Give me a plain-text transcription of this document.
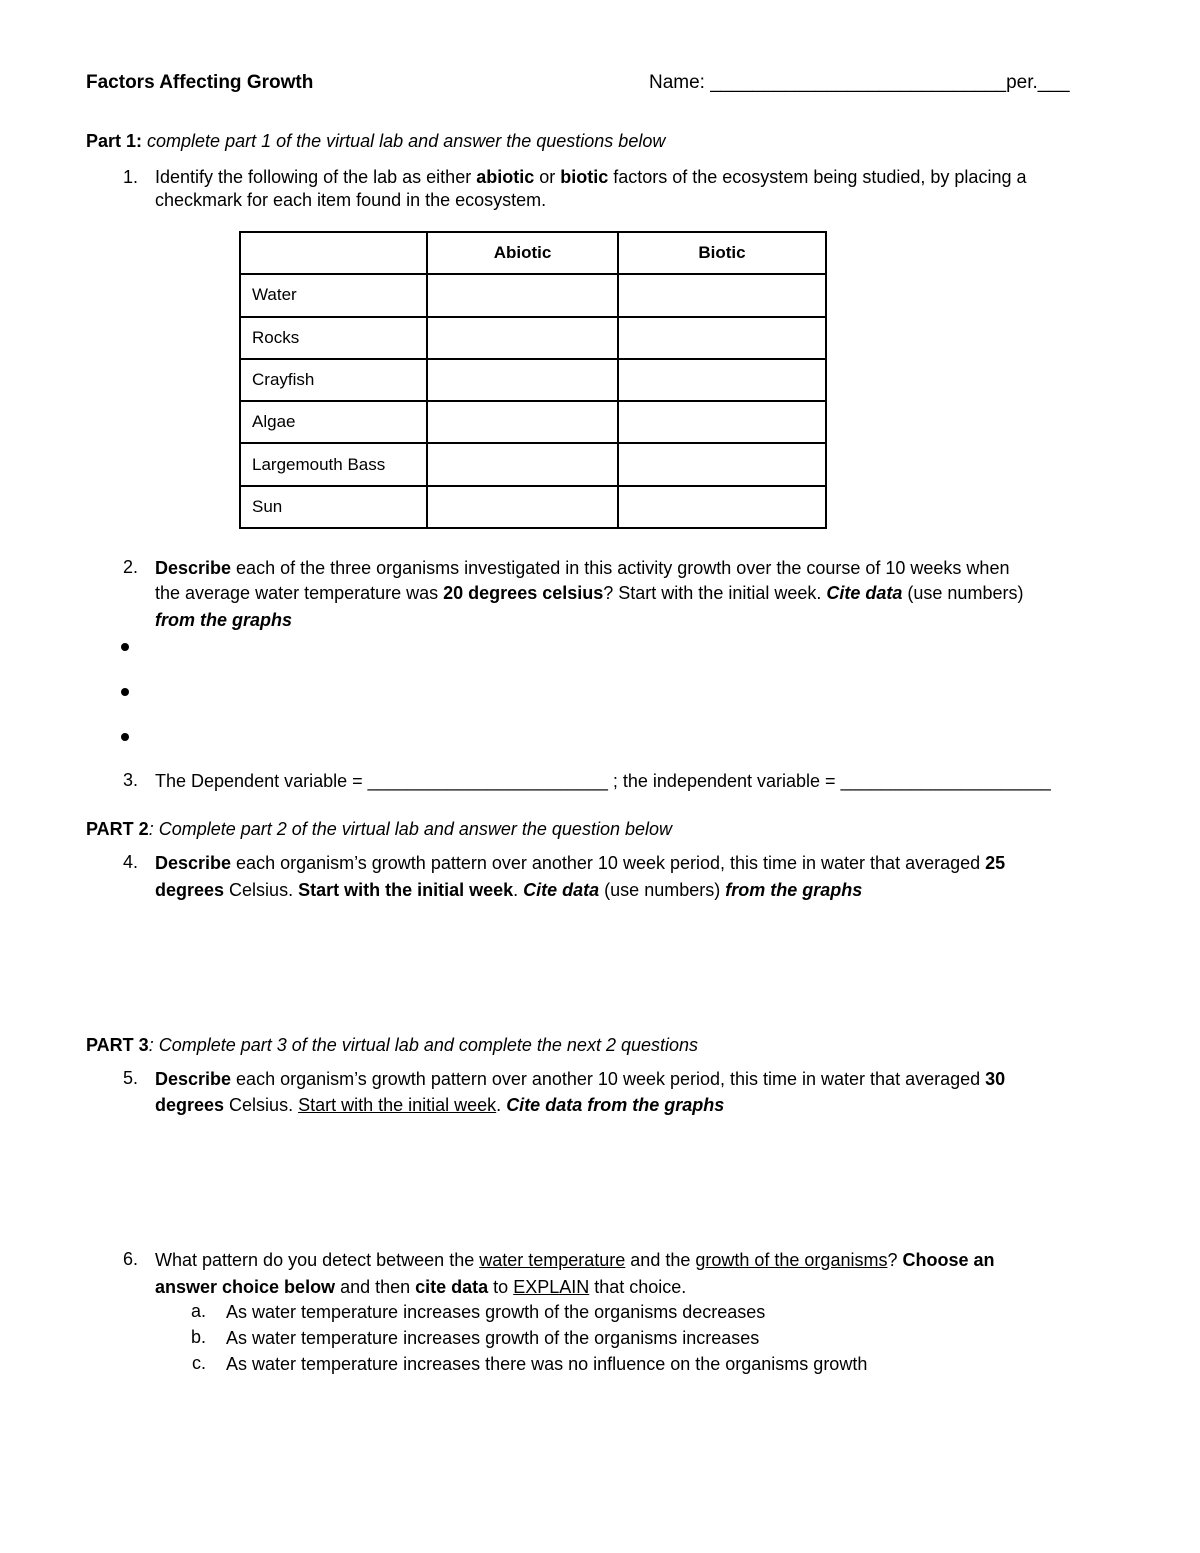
Factors Affecting Growth	Name: ____________________________per.___
Part 1: complete part 1 of the virtual lab and answer the questions below
1. Identify the following of the lab as either abiotic or biotic factors of the ecosystem being studied, by placing a
checkmark for each item found in the ecosystem.
	Abiotic	Biotic
Water		
Rocks		
Crayfish		
Algae		
Largemouth Bass		
Sun		
2. Describe each of the three organisms investigated in this activity growth over the course of 10 weeks when
the average water temperature was 20 degrees celsius? Start with the initial week. Cite data (use numbers)
from the graphs
3. The Dependent variable = ________________________ ; the independent variable = _____________________
PART 2: Complete part 2 of the virtual lab and answer the question below
4. Describe each organism’s growth pattern over another 10 week period, this time in water that averaged 25
degrees Celsius. Start with the initial week. Cite data (use numbers) from the graphs
PART 3: Complete part 3 of the virtual lab and complete the next 2 questions
5. Describe each organism’s growth pattern over another 10 week period, this time in water that averaged 30
degrees Celsius. Start with the initial week. Cite data from the graphs
6. What pattern do you detect between the water temperature and the growth of the organisms? Choose an
answer choice below and then cite data to EXPLAIN that choice.
a. As water temperature increases growth of the organisms decreases
b. As water temperature increases growth of the organisms increases
c. As water temperature increases there was no influence on the organisms growth
